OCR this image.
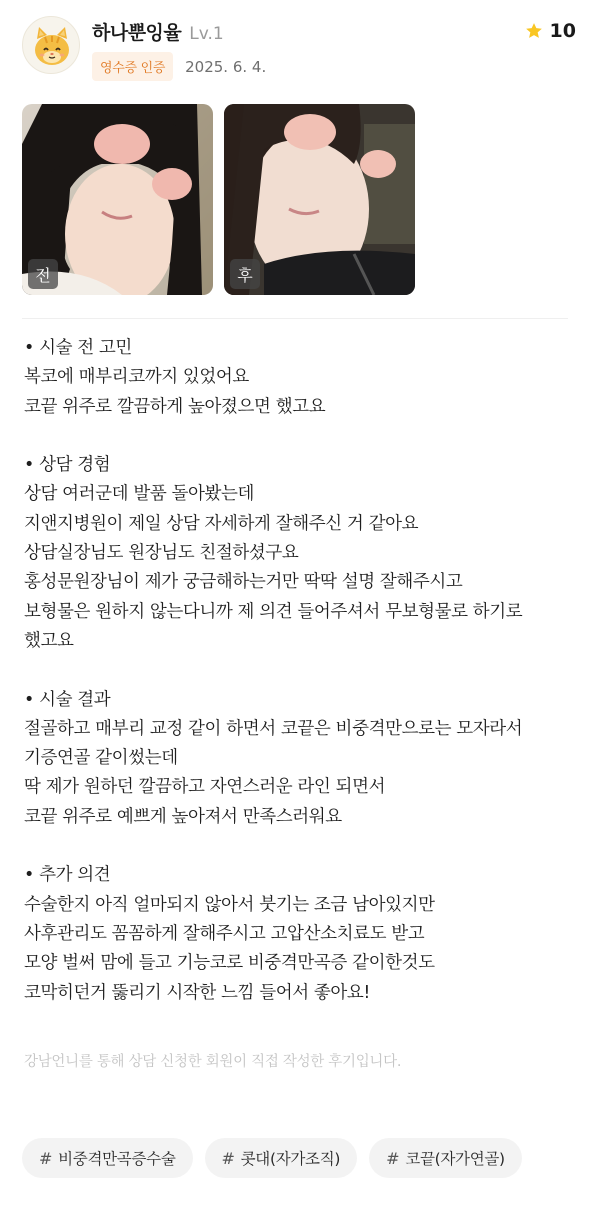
하나뿐잉율 Lv.1
영수증 인증	2025. 6. 4.
10
전	후
• 시술 전 고민
복코에 매부리코까지 있었어요
코끝 위주로 깔끔하게 높아졌으면 했고요
• 상담 경험
상담 여러군데 발품 돌아봤는데
지앤지병원이 제일 상담 자세하게 잘해주신 거 같아요
상담실장님도 원장님도 친절하셨구요
홍성문원장님이 제가 궁금해하는거만 딱딱 설명 잘해주시고
보형물은 원하지 않는다니까 제 의견 들어주셔서 무보형물로 하기로
했고요
• 시술 결과
절골하고 매부리 교정 같이 하면서 코끝은 비중격만으로는 모자라서
기증연골 같이썼는데
딱 제가 원하던 깔끔하고 자연스러운 라인 되면서
코끝 위주로 예쁘게 높아져서 만족스러워요
• 추가 의견
수술한지 아직 얼마되지 않아서 붓기는 조금 남아있지만
사후관리도 꼼꼼하게 잘해주시고 고압산소치료도 받고
모양 벌써 맘에 들고 기능코로 비중격만곡증 같이한것도
코막히던거 뚫리기 시작한 느낌 들어서 좋아요!
강남언니를 통해 상담 신청한 회원이 직접 작성한 후기입니다.
# 비중격만곡증수술	# 콧대(자가조직)	# 코끝(자가연골)
